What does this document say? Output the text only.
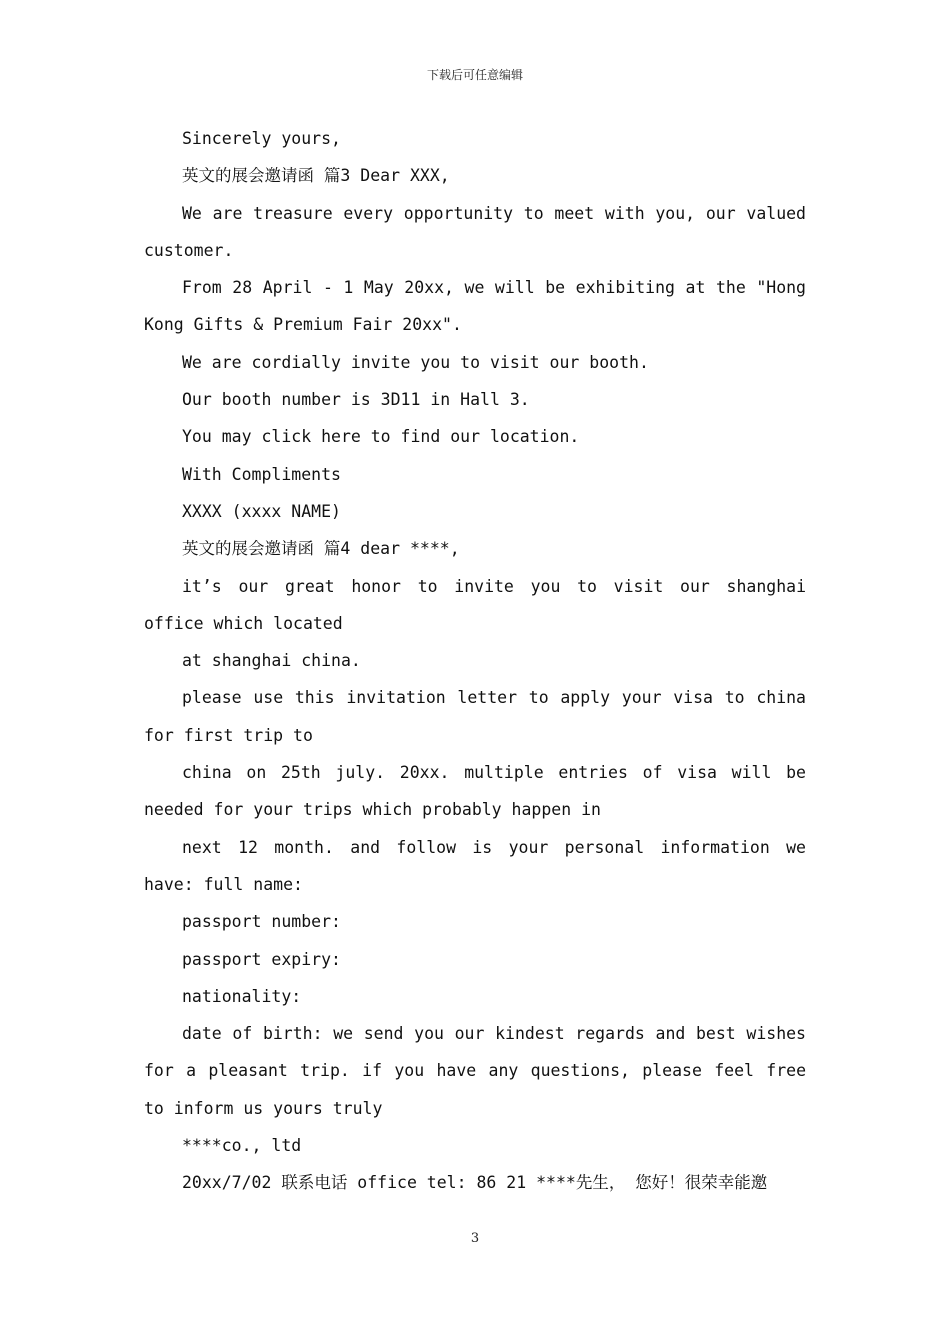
下载后可任意编辑

Sincerely yours,

英文的展会邀请函 篇3 Dear XXX,

We are treasure every opportunity to meet with you, our valued customer.

From 28 April - 1 May 20xx, we will be exhibiting at the "Hong Kong Gifts & Premium Fair 20xx".

We are cordially invite you to visit our booth.

Our booth number is 3D11 in Hall 3.

You may click here to find our location.

With Compliments

XXXX (xxxx NAME)

英文的展会邀请函 篇4 dear ****,

it’s our great honor to invite you to visit our shanghai office which located

at shanghai china.

please use this invitation letter to apply your visa to china for first trip to

china on 25th july. 20xx. multiple entries of visa will be needed for your trips which probably happen in

next 12 month. and follow is your personal information we have: full name:

passport number:

passport expiry:

nationality:

date of birth: we send you our kindest regards and best wishes for a pleasant trip. if you have any questions, please feel free to inform us yours truly

****co., ltd

20xx/7/02 联系电话 office tel: 86 21 ****先生， 您好！很荣幸能邀

3
